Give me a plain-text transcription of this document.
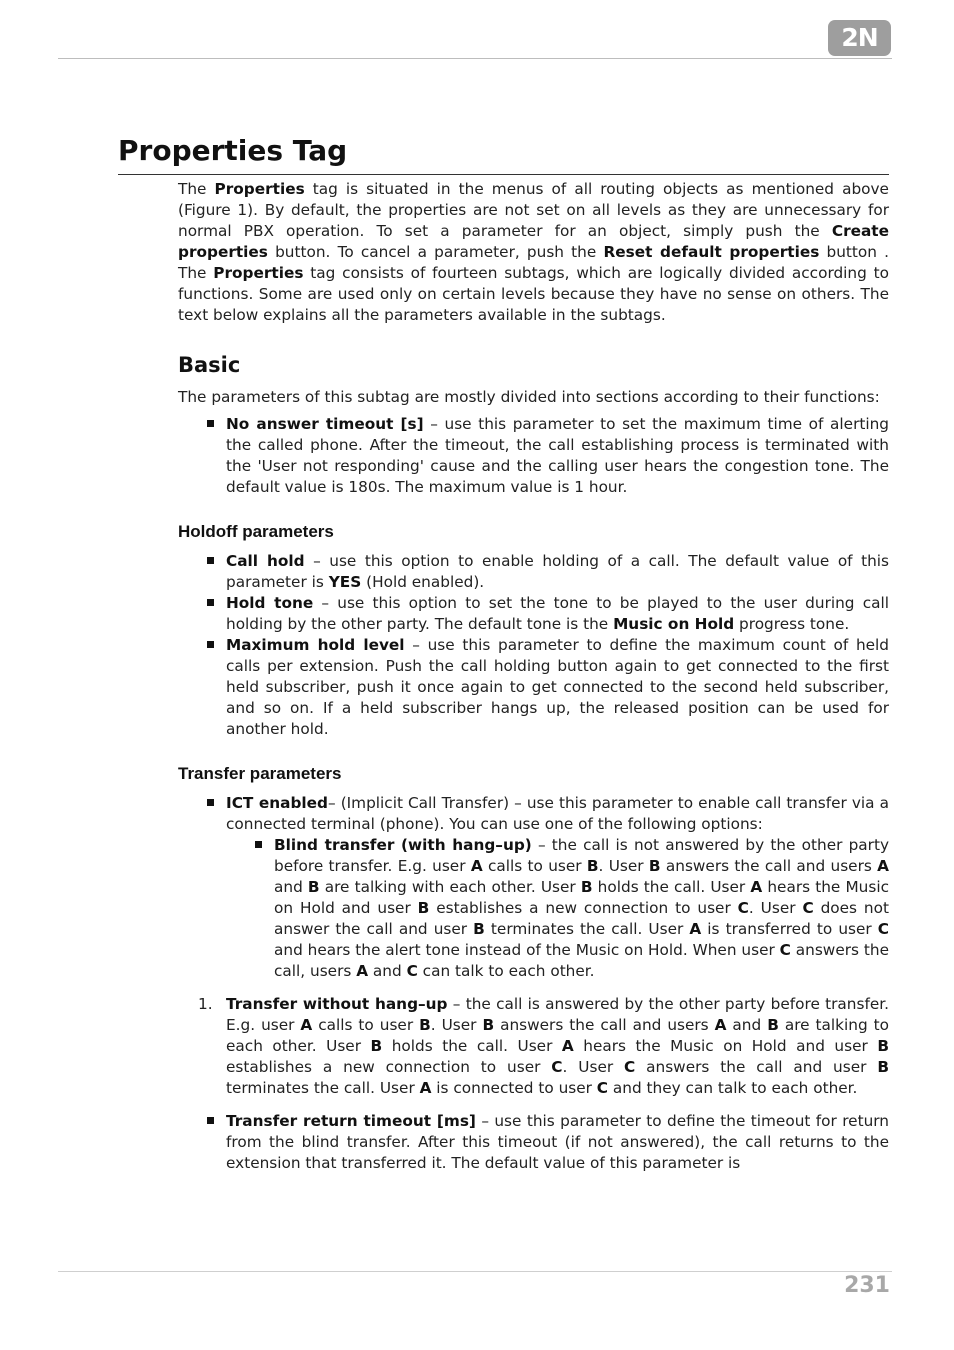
2N
Properties Tag

The Properties tag is situated in the menus of all routing objects as mentioned above (Figure 1). By default, the properties are not set on all levels as they are unnecessary for normal PBX operation. To set a parameter for an object, simply push the Create properties button. To cancel a parameter, push the Reset default properties button . The Properties tag consists of fourteen subtags, which are logically divided according to functions. Some are used only on certain levels because they have no sense on others. The text below explains all the parameters available in the subtags.

Basic

The parameters of this subtag are mostly divided into sections according to their functions:

No answer timeout [s] – use this parameter to set the maximum time of alerting the called phone. After the timeout, the call establishing process is terminated with the 'User not responding' cause and the calling user hears the congestion tone. The default value is 180s. The maximum value is 1 hour.
Holdoff parameters
Call hold – use this option to enable holding of a call. The default value of this parameter is YES (Hold enabled).
Hold tone – use this option to set the tone to be played to the user during call holding by the other party. The default tone is the Music on Hold progress tone.
Maximum hold level – use this parameter to define the maximum count of held calls per extension. Push the call holding button again to get connected to the first held subscriber, push it once again to get connected to the second held subscriber, and so on. If a held subscriber hangs up, the released position can be used for another hold.
Transfer parameters
ICT enabled– (Implicit Call Transfer) – use this parameter to enable call transfer via a connected terminal (phone). You can use one of the following options:
Blind transfer (with hang–up) – the call is not answered by the other party before transfer. E.g. user A calls to user B. User B answers the call and users A and B are talking with each other. User B holds the call. User A hears the Music on Hold and user B establishes a new connection to user C. User C does not answer the call and user B terminates the call. User A is transferred to user C and hears the alert tone instead of the Music on Hold. When user C answers the call, users A and C can talk to each other.
1. Transfer without hang–up – the call is answered by the other party before transfer. E.g. user A calls to user B. User B answers the call and users A and B are talking to each other. User B holds the call. User A hears the Music on Hold and user B establishes a new connection to user C. User C answers the call and user B terminates the call. User A is connected to user C and they can talk to each other.
Transfer return timeout [ms] – use this parameter to define the timeout for return from the blind transfer. After this timeout (if not answered), the call returns to the extension that transferred it. The default value of this parameter is
231
